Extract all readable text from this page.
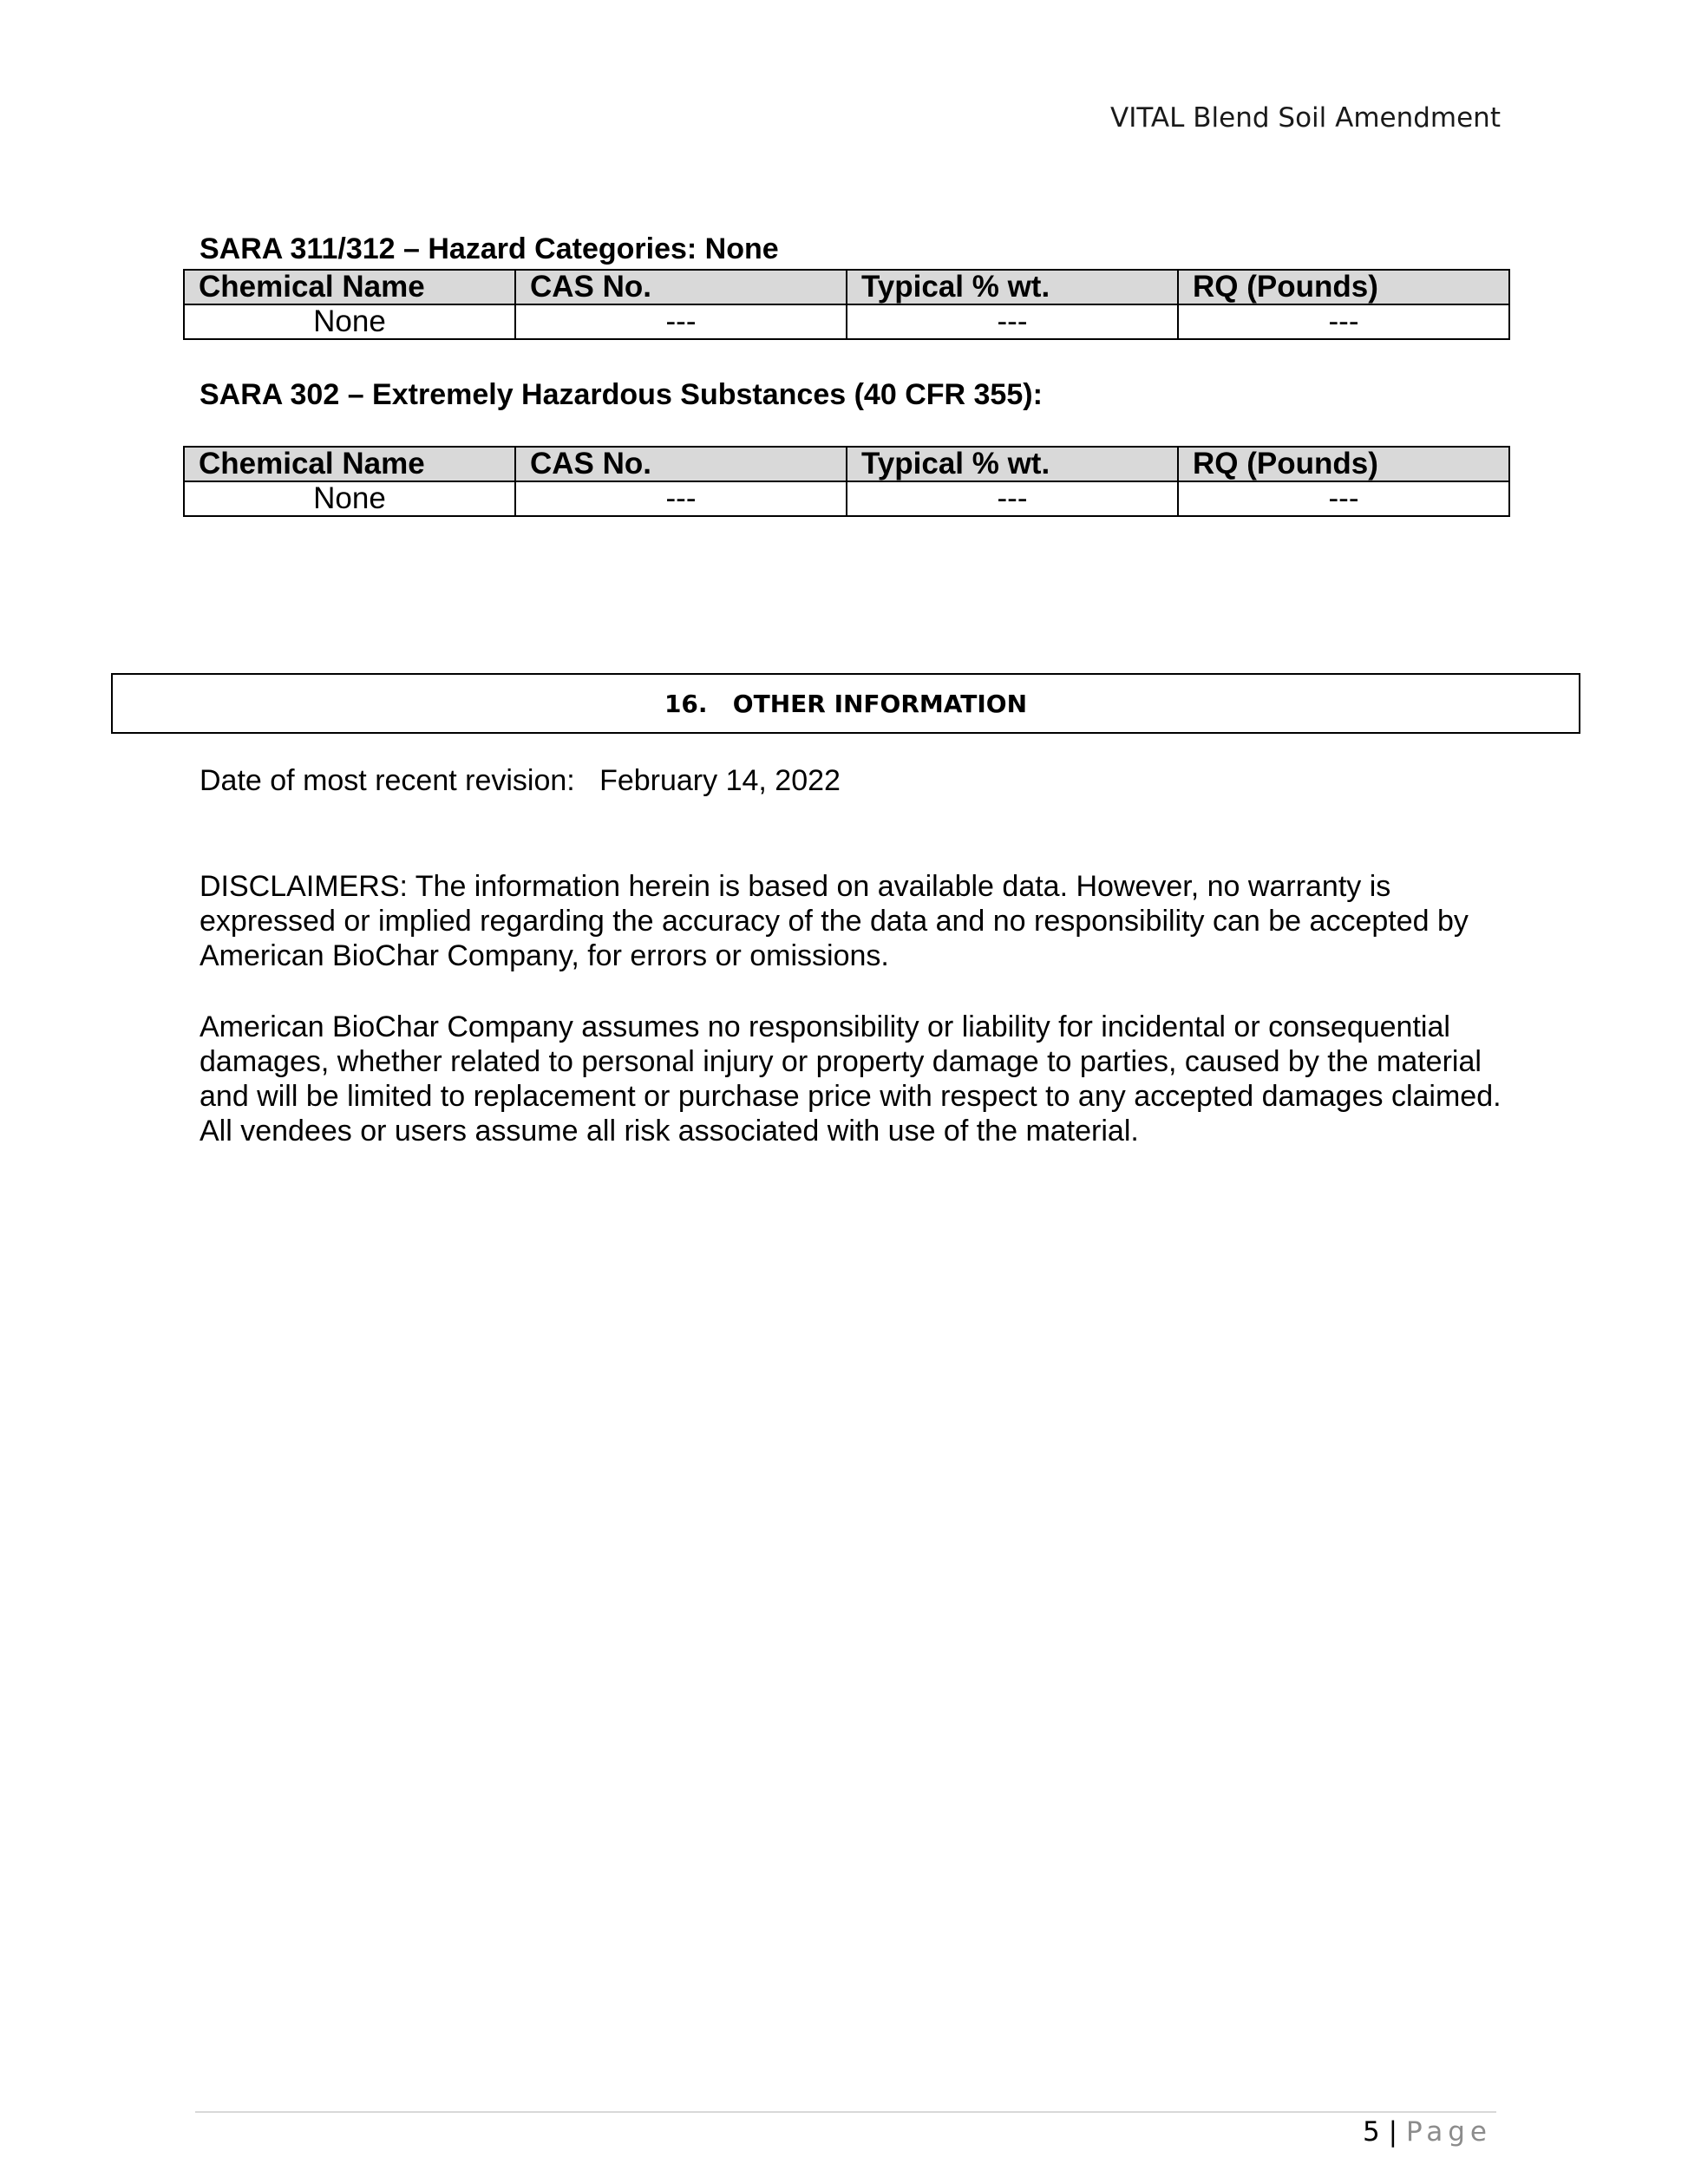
VITAL Blend Soil Amendment
SARA 311/312 – Hazard Categories: None
Chemical Name	CAS No.	Typical % wt.	RQ (Pounds)
None	---	---	---
SARA 302 – Extremely Hazardous Substances (40 CFR 355):
Chemical Name	CAS No.	Typical % wt.	RQ (Pounds)
None	---	---	---
16.   OTHER INFORMATION
Date of most recent revision:   February 14, 2022
DISCLAIMERS: The information herein is based on available data. However, no warranty is expressed or implied regarding the accuracy of the data and no responsibility can be accepted by American BioChar Company, for errors or omissions.
American BioChar Company assumes no responsibility or liability for incidental or consequential damages, whether related to personal injury or property damage to parties, caused by the material and will be limited to replacement or purchase price with respect to any accepted damages claimed. All vendees or users assume all risk associated with use of the material.
5 | Page
